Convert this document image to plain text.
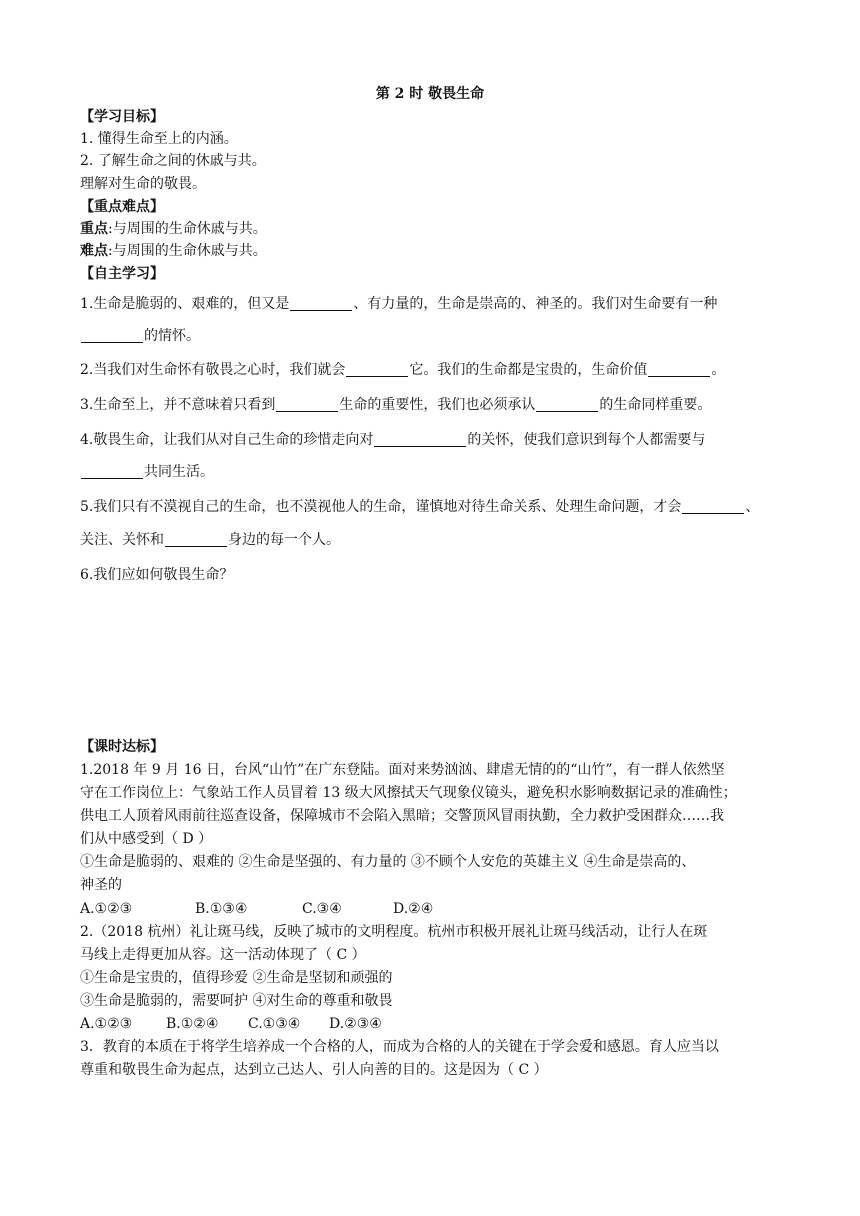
第 2 时 敬畏生命
【学习目标】
1. 懂得生命至上的内涵。
2. 了解生命之间的休戚与共。
理解对生命的敬畏。
【重点难点】
重点:与周围的生命休戚与共。
难点:与周围的生命休戚与共。
【自主学习】
1.生命是脆弱的、艰难的，但又是	、有力量的，生命是崇高的、神圣的。我们对生命要有一种
的情怀。
2.当我们对生命怀有敬畏之心时，我们就会	它。我们的生命都是宝贵的，生命价值	。
3.生命至上，并不意味着只看到	生命的重要性，我们也必须承认	的生命同样重要。
4.敬畏生命，让我们从对自己生命的珍惜走向对	的关怀，使我们意识到每个人都需要与
共同生活。
5.我们只有不漠视自己的生命，也不漠视他人的生命，谨慎地对待生命关系、处理生命问题，才会	、
关注、关怀和	身边的每一个人。
6.我们应如何敬畏生命？
【课时达标】
1.2018 年 9 月 16 日，台风“山竹”在广东登陆。面对来势汹汹、肆虐无情的的“山竹”，有一群人依然坚
守在工作岗位上：气象站工作人员冒着 13 级大风擦拭天气现象仪镜头，避免积水影响数据记录的准确性；
供电工人顶着风雨前往巡查设备，保障城市不会陷入黑暗；交警顶风冒雨执勤，全力救护受困群众……我
们从中感受到（ D ）
①生命是脆弱的、艰难的 ②生命是坚强的、有力量的 ③不顾个人安危的英雄主义 ④生命是崇高的、
神圣的
A.①②③	B.①③④	C.③④	D.②④
2.（2018 杭州）礼让斑马线，反映了城市的文明程度。杭州市积极开展礼让斑马线活动，让行人在斑
马线上走得更加从容。这一活动体现了（ C ）
①生命是宝贵的，值得珍爱 ②生命是坚韧和顽强的
③生命是脆弱的，需要呵护 ④对生命的尊重和敬畏
A.①②③ B.①②④ C.①③④ D.②③④
3．教育的本质在于将学生培养成一个合格的人，而成为合格的人的关键在于学会爱和感恩。育人应当以
尊重和敬畏生命为起点，达到立己达人、引人向善的目的。这是因为（ C ）
